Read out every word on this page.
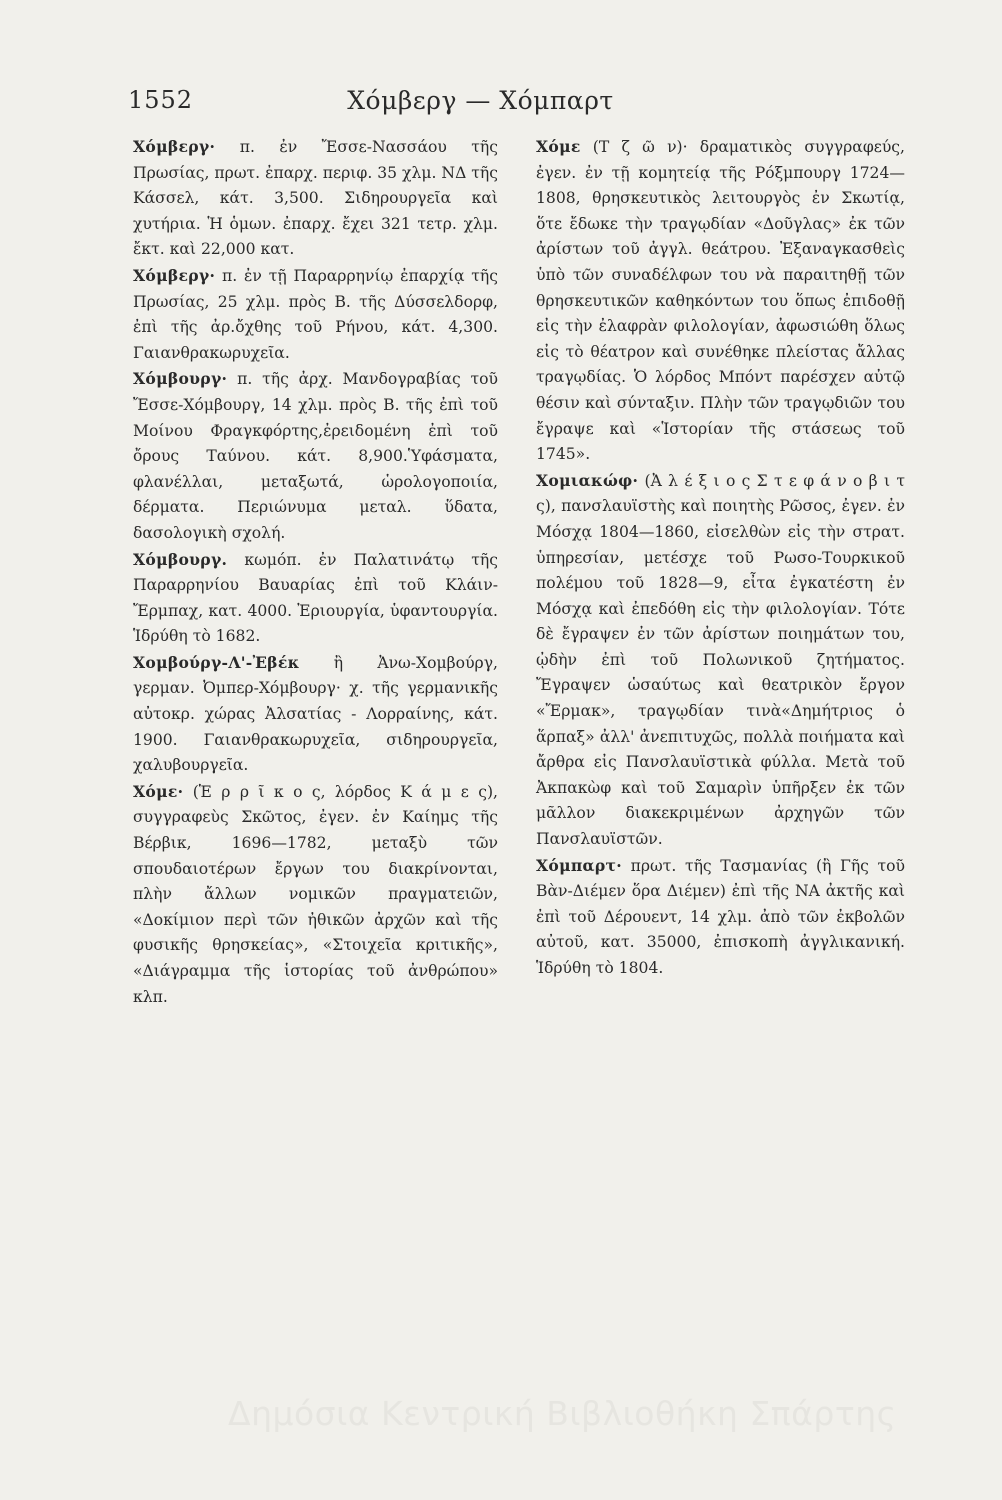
1552	Χόμβεργ — Χόμπαρτ

Χόμβεργ· π. ἐν Ἔσσε-Νασσάου τῆς Πρωσίας, πρωτ. ἐπαρχ. περιφ. 35 χλμ. ΝΔ τῆς Κάσσελ, κάτ. 3,500. Σιδηρουργεῖα καὶ χυτήρια. Ἡ ὁμων. ἐπαρχ. ἔχει 321 τετρ. χλμ. ἔκτ. καὶ 22,000 κατ.

Χόμβεργ· π. ἐν τῇ Παραρρηνίῳ ἐπαρχίᾳ τῆς Πρωσίας, 25 χλμ. πρὸς Β. τῆς Δύσσελδορφ, ἐπὶ τῆς ἀρ.ὄχθης τοῦ Ρήνου, κάτ. 4,300. Γαιανθρακωρυχεῖα.

Χόμβουργ· π. τῆς ἀρχ. Μανδογραβίας τοῦ Ἔσσε-Χόμβουργ, 14 χλμ. πρὸς Β. τῆς ἐπὶ τοῦ Μοίνου Φραγκφόρτης,ἐρειδομένη ἐπὶ τοῦ ὄρους Ταύνου. κάτ. 8,900.Ὑφάσματα, φλανέλλαι, μεταξωτά, ὡρολογοποιία, δέρματα. Περιώνυμα μεταλ. ὕδατα, δασολογικὴ σχολή.

Χόμβουργ. κωμόπ. ἐν Παλατινάτῳ τῆς Παραρρηνίου Βαυαρίας ἐπὶ τοῦ Κλάιν-Ἔρμπαχ, κατ. 4000. Ἐριουργία, ὑφαντουργία. Ἱδρύθη τὸ 1682.

Χομβούργ-Λ'-Ἐβέκ ἢ Ἀνω-Χομβούργ, γερμαν. Ὀμπερ-Χόμβουργ· χ. τῆς γερμανικῆς αὐτοκρ. χώρας Ἀλσατίας - Λορραίνης, κάτ. 1900. Γαιανθρακωρυχεῖα, σιδηρουργεῖα, χαλυβουργεῖα.

Χόμε· (Ἑ ρ ρ ῖ κ ο ς, λόρδος Κ ά μ ε ς), συγγραφεὺς Σκῶτος, ἐγεν. ἐν Καίημς τῆς Βέρβικ, 1696—1782, μεταξὺ τῶν σπουδαιοτέρων ἔργων του διακρίνονται, πλὴν ἄλλων νομικῶν πραγματειῶν, «Δοκίμιον περὶ τῶν ἠθικῶν ἀρχῶν καὶ τῆς φυσικῆς θρησκείας», «Στοιχεῖα κριτικῆς», «Διάγραμμα τῆς ἱστορίας τοῦ ἀνθρώπου» κλπ.

Χόμε (Τ ζ ῶ ν)· δραματικὸς συγγραφεύς, ἐγεν. ἐν τῇ κομητείᾳ τῆς Ρόξμπουργ 1724—1808, θρησκευτικὸς λειτουργὸς ἐν Σκωτίᾳ, ὅτε ἔδωκε τὴν τραγῳδίαν «Δοῦγλας» ἐκ τῶν ἀρίστων τοῦ ἀγγλ. θεάτρου. Ἐξαναγκασθεὶς ὑπὸ τῶν συναδέλφων του νὰ παραιτηθῇ τῶν θρησκευτικῶν καθηκόντων του ὅπως ἐπιδοθῇ εἰς τὴν ἐλαφρὰν φιλολογίαν, ἀφωσιώθη ὅλως εἰς τὸ θέατρον καὶ συνέθηκε πλείστας ἄλλας τραγῳδίας. Ὁ λόρδος Μπόντ παρέσχεν αὐτῷ θέσιν καὶ σύνταξιν. Πλὴν τῶν τραγῳδιῶν του ἔγραψε καὶ «Ἱστορίαν τῆς στάσεως τοῦ 1745».

Χομιακώφ· (Ἀ λ έ ξ ι ο ς Σ τ ε φ ά ν ο β ι τ ς), πανσλαυϊστὴς καὶ ποιητὴς Ρῶσος, ἐγεν. ἐν Μόσχᾳ 1804—1860, εἰσελθὼν εἰς τὴν στρατ. ὑπηρεσίαν, μετέσχε τοῦ Ρωσο-Τουρκικοῦ πολέμου τοῦ 1828—9, εἶτα ἐγκατέστη ἐν Μόσχᾳ καὶ ἐπεδόθη εἰς τὴν φιλολογίαν. Τότε δὲ ἔγραψεν ἐν τῶν ἀρίστων ποιημάτων του, ᾠδὴν ἐπὶ τοῦ Πολωνικοῦ ζητήματος. Ἔγραψεν ὡσαύτως καὶ θεατρικὸν ἔργον «Ἔρμακ», τραγῳδίαν τινὰ«Δημήτριος ὁ ἅρπαξ» ἀλλ' ἀνεπιτυχῶς, πολλὰ ποιήματα καὶ ἄρθρα εἰς Πανσλαυϊστικὰ φύλλα. Μετὰ τοῦ Ἀκπακὼφ καὶ τοῦ Σαμαρὶν ὑπῆρξεν ἐκ τῶν μᾶλλον διακεκριμένων ἀρχηγῶν τῶν Πανσλαυϊστῶν.

Χόμπαρτ· πρωτ. τῆς Τασμανίας (ἢ Γῆς τοῦ Βὰν-Διέμεν ὅρα Διέμεν) ἐπὶ τῆς ΝΑ ἀκτῆς καὶ ἐπὶ τοῦ Δέρουεντ, 14 χλμ. ἀπὸ τῶν ἐκβολῶν αὐτοῦ, κατ. 35000, ἐπισκοπὴ ἀγγλικανική. Ἱδρύθη τὸ 1804.

Δημόσια Κεντρική Βιβλιοθήκη Σπάρτης
